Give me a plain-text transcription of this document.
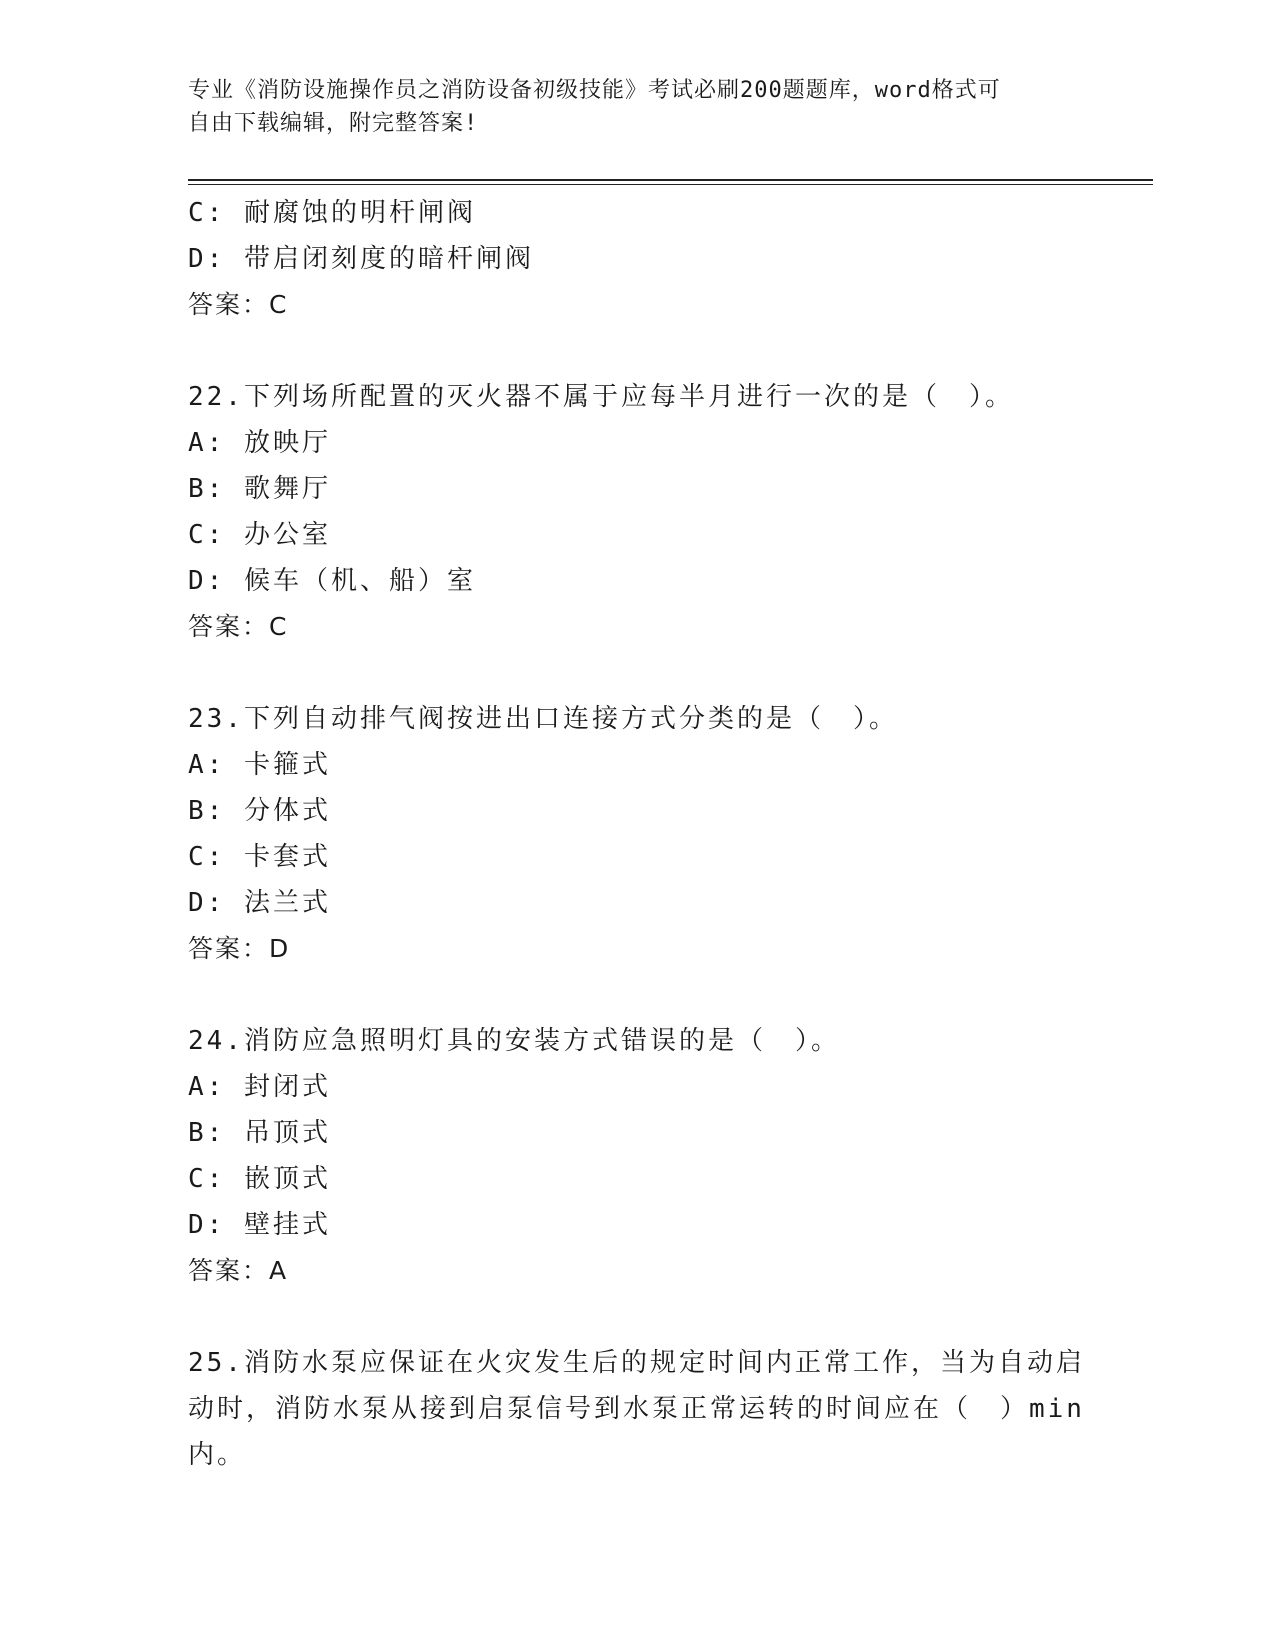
专业《消防设施操作员之消防设备初级技能》考试必刷200题题库，word格式可
自由下载编辑，附完整答案!
C: 耐腐蚀的明杆闸阀
D: 带启闭刻度的暗杆闸阀
答案：C
22.下列场所配置的灭火器不属于应每半月进行一次的是（　）。
A: 放映厅
B: 歌舞厅
C: 办公室
D: 候车（机、船）室
答案：C
23.下列自动排气阀按进出口连接方式分类的是（　）。
A: 卡箍式
B: 分体式
C: 卡套式
D: 法兰式
答案：D
24.消防应急照明灯具的安装方式错误的是（　）。
A: 封闭式
B: 吊顶式
C: 嵌顶式
D: 壁挂式
答案：A
25.消防水泵应保证在火灾发生后的规定时间内正常工作，当为自动启
动时，消防水泵从接到启泵信号到水泵正常运转的时间应在（　）min
内。
